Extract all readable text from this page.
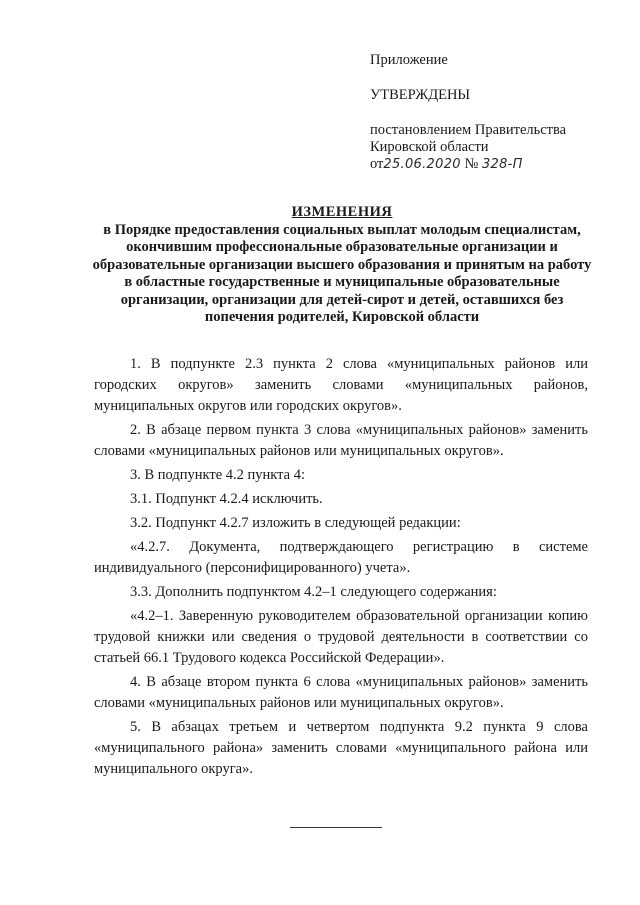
Приложение
УТВЕРЖДЕНЫ
постановлением Правительства
Кировской области
от25.06.2020 № 328-П
ИЗМЕНЕНИЯ
в Порядке предоставления социальных выплат молодым специалистам, окончившим профессиональные образовательные организации и образовательные организации высшего образования и принятым на работу в областные государственные и муниципальные образовательные организации, организации для детей-сирот и детей, оставшихся без попечения родителей, Кировской области

1. В подпункте 2.3 пункта 2 слова «муниципальных районов или городских округов» заменить словами «муниципальных районов, муниципальных округов или городских округов».

2. В абзаце первом пункта 3 слова «муниципальных районов» заменить словами «муниципальных районов или муниципальных округов».

3. В подпункте 4.2 пункта 4:

3.1. Подпункт 4.2.4 исключить.

3.2. Подпункт 4.2.7 изложить в следующей редакции:

«4.2.7. Документа, подтверждающего регистрацию в системе индивидуального (персонифицированного) учета».

3.3. Дополнить подпунктом 4.2–1 следующего содержания:

«4.2–1. Заверенную руководителем образовательной организации копию трудовой книжки или сведения о трудовой деятельности в соответствии со статьей 66.1 Трудового кодекса Российской Федерации».

4. В абзаце втором пункта 6 слова «муниципальных районов» заменить словами «муниципальных районов или муниципальных округов».

5. В абзацах третьем и четвертом подпункта 9.2 пункта 9 слова «муниципального района» заменить словами «муниципального района или муниципального округа».
